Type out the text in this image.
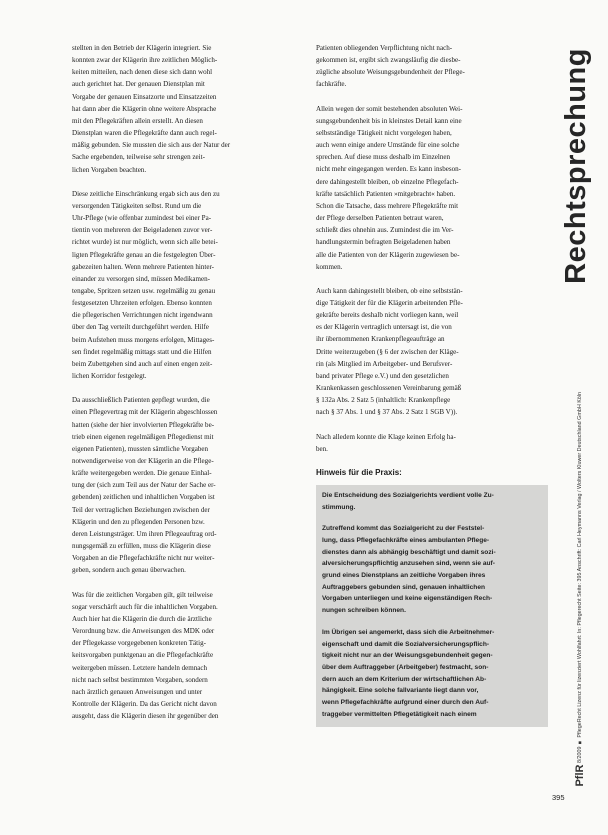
stellten in den Betrieb der Klägerin integriert. Sie
konnten zwar der Klägerin ihre zeitlichen Möglich-
keiten mitteilen, nach denen diese sich dann wohl
auch gerichtet hat. Der genauen Dienstplan mit
Vorgabe der genauen Einsatzorte und Einsatzzeiten
hat dann aber die Klägerin ohne weitere Absprache
mit den Pflegekräften allein erstellt. An diesen
Dienstplan waren die Pflegekräfte dann auch regel-
mäßig gebunden. Sie mussten die sich aus der Natur der
Sache ergebenden, teilweise sehr strengen zeit-
lichen Vorgaben beachten.

Diese zeitliche Einschränkung ergab sich aus den zu
versorgenden Tätigkeiten selbst. Rund um die
Uhr-Pflege (wie offenbar zumindest bei einer Pa-
tientin von mehreren der Beigeladenen zuvor ver-
richtet wurde) ist nur möglich, wenn sich alle betei-
ligten Pflegekräfte genau an die festgelegten Über-
gabezeiten halten. Wenn mehrere Patienten hinter-
einander zu versorgen sind, müssen Medikamen-
tengabe, Spritzen setzen usw. regelmäßig zu genau
festgesetzten Uhrzeiten erfolgen. Ebenso konnten
die pflegerischen Verrichtungen nicht irgendwann
über den Tag verteilt durchgeführt werden. Hilfe
beim Aufstehen muss morgens erfolgen, Mittages-
sen findet regelmäßig mittags statt und die Hilfen
beim Zubettgehen sind auch auf einen engen zeit-
lichen Korridor festgelegt.

Da ausschließlich Patienten gepflegt wurden, die
einen Pflegevertrag mit der Klägerin abgeschlossen
hatten (siehe der hier involvierten Pflegekräfte be-
trieb einen eigenen regelmäßigen Pflegedienst mit
eigenen Patienten), mussten sämtliche Vorgaben
notwendigerweise von der Klägerin an die Pflege-
kräfte weitergegeben werden. Die genaue Einhal-
tung der (sich zum Teil aus der Natur der Sache er-
gebenden) zeitlichen und inhaltlichen Vorgaben ist
Teil der vertraglichen Beziehungen zwischen der
Klägerin und den zu pflegenden Personen bzw.
deren Leistungsträger. Um ihren Pflegeauftrag ord-
nungsgemäß zu erfüllen, muss die Klägerin diese
Vorgaben an die Pflegefachkräfte nicht nur weiter-
geben, sondern auch genau überwachen.

Was für die zeitlichen Vorgaben gilt, gilt teilweise
sogar verschärft auch für die inhaltlichen Vorgaben.
Auch hier hat die Klägerin die durch die ärztliche
Verordnung bzw. die Anweisungen des MDK oder
der Pflegekasse vorgegebenen konkreten Tätig-
keitsvorgaben punktgenau an die Pflegefachkräfte
weitergeben müssen. Letztere handeln demnach
nicht nach selbst bestimmten Vorgaben, sondern
nach ärztlich genauen Anweisungen und unter
Kontrolle der Klägerin. Da das Gericht nicht davon
ausgeht, dass die Klägerin diesen ihr gegenüber den

Patienten obliegenden Verpflichtung nicht nach-
gekommen ist, ergibt sich zwangsläufig die diesbe-
zügliche absolute Weisungsgebundenheit der Pflege-
fachkräfte.

Allein wegen der somit bestehenden absoluten Wei-
sungsgebundenheit bis in kleinstes Detail kann eine
selbstständige Tätigkeit nicht vorgelegen haben,
auch wenn einige andere Umstände für eine solche
sprechen. Auf diese muss deshalb im Einzelnen
nicht mehr eingegangen werden. Es kann insbeson-
dere dahingestellt bleiben, ob einzelne Pflegefach-
kräfte tatsächlich Patienten »mitgebracht« haben.
Schon die Tatsache, dass mehrere Pflegekräfte mit
der Pflege derselben Patienten betraut waren,
schließt dies ohnehin aus. Zumindest die im Ver-
handlungstermin befragten Beigeladenen haben
alle die Patienten von der Klägerin zugewiesen be-
kommen.

Auch kann dahingestellt bleiben, ob eine selbststän-
dige Tätigkeit der für die Klägerin arbeitenden Pfle-
gekräfte bereits deshalb nicht vorliegen kann, weil
es der Klägerin vertraglich untersagt ist, die von
ihr übernommenen Krankenpflegeaufträge an
Dritte weiterzugeben (§ 6 der zwischen der Kläge-
rin (als Mitglied im Arbeitgeber- und Berufsver-
band privater Pflege e.V.) und den gesetzlichen
Krankenkassen geschlossenen Vereinbarung gemäß
§ 132a Abs. 2 Satz 5 (inhaltlich: Krankenpflege
nach § 37 Abs. 1 und § 37 Abs. 2 Satz 1 SGB V)).

Nach alledem konnte die Klage keinen Erfolg ha-
ben.

Hinweis für die Praxis:

Die Entscheidung des Sozialgerichts verdient volle Zu-
stimmung.

Zutreffend kommt das Sozialgericht zu der Feststel-
lung, dass Pflegefachkräfte eines ambulanten Pflege-
dienstes dann als abhängig beschäftigt und damit sozi-
alversicherungspflichtig anzusehen sind, wenn sie auf-
grund eines Dienstplans an zeitliche Vorgaben ihres
Auftraggebers gebunden sind, genauen inhaltlichen
Vorgaben unterliegen und keine eigenständigen Rech-
nungen schreiben können.

Im Übrigen sei angemerkt, dass sich die Arbeitnehmer-
eigenschaft und damit die Sozialversicherungspflich-
tigkeit nicht nur an der Weisungsgebundenheit gegen-
über dem Auftraggeber (Arbeitgeber) festmacht, son-
dern auch an dem Kriterium der wirtschaftlichen Ab-
hängigkeit. Eine solche fallvariante liegt dann vor,
wenn Pflegefachkräfte aufgrund einer durch den Auf-
traggeber vermittelten Pflegetätigkeit nach einem

Rechtsprechung
PflR 8/2009 ■ PflegeRecht Lizenz für lizenziert Wohlfahrt: In: Pflegerecht Seite: 395 Anschrift: Carl Heymanns Verlag / Wolters Kluwer Deutschland GmbH Köln
395
